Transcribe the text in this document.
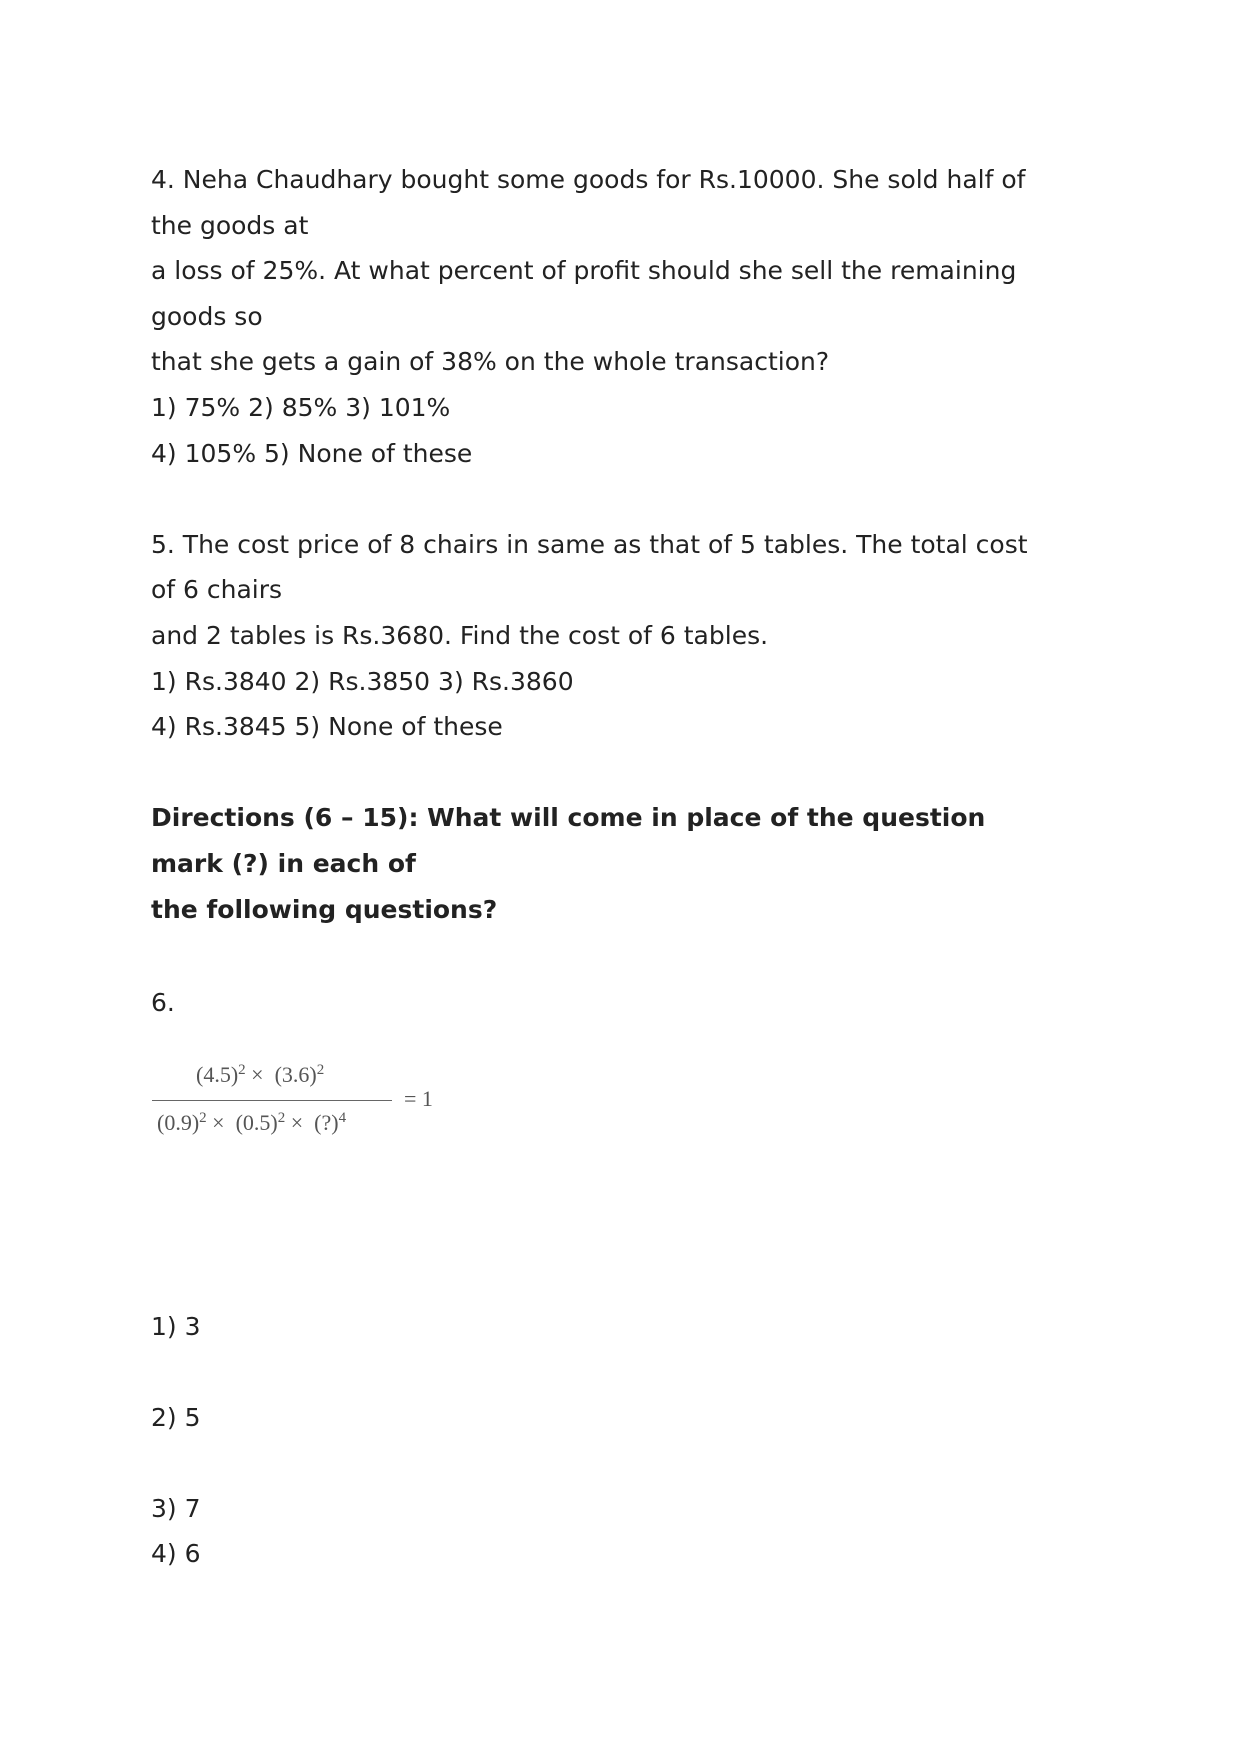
4. Neha Chaudhary bought some goods for Rs.10000. She sold half of
the goods at
a loss of 25%. At what percent of profit should she sell the remaining
goods so
that she gets a gain of 38% on the whole transaction?
1) 75% 2) 85% 3) 101%
4) 105% 5) None of these
5. The cost price of 8 chairs in same as that of 5 tables. The total cost
of 6 chairs
and 2 tables is Rs.3680. Find the cost of 6 tables.
1) Rs.3840 2) Rs.3850 3) Rs.3860
4) Rs.3845 5) None of these
Directions (6 – 15): What will come in place of the question
mark (?) in each of
the following questions?
6.
$(4.5)^2 \times (3.6)^2$
$(0.9)^2 \times (0.5)^2$ × (?)$^4$
= 1
1) 3
2) 5
3) 7
4) 6
